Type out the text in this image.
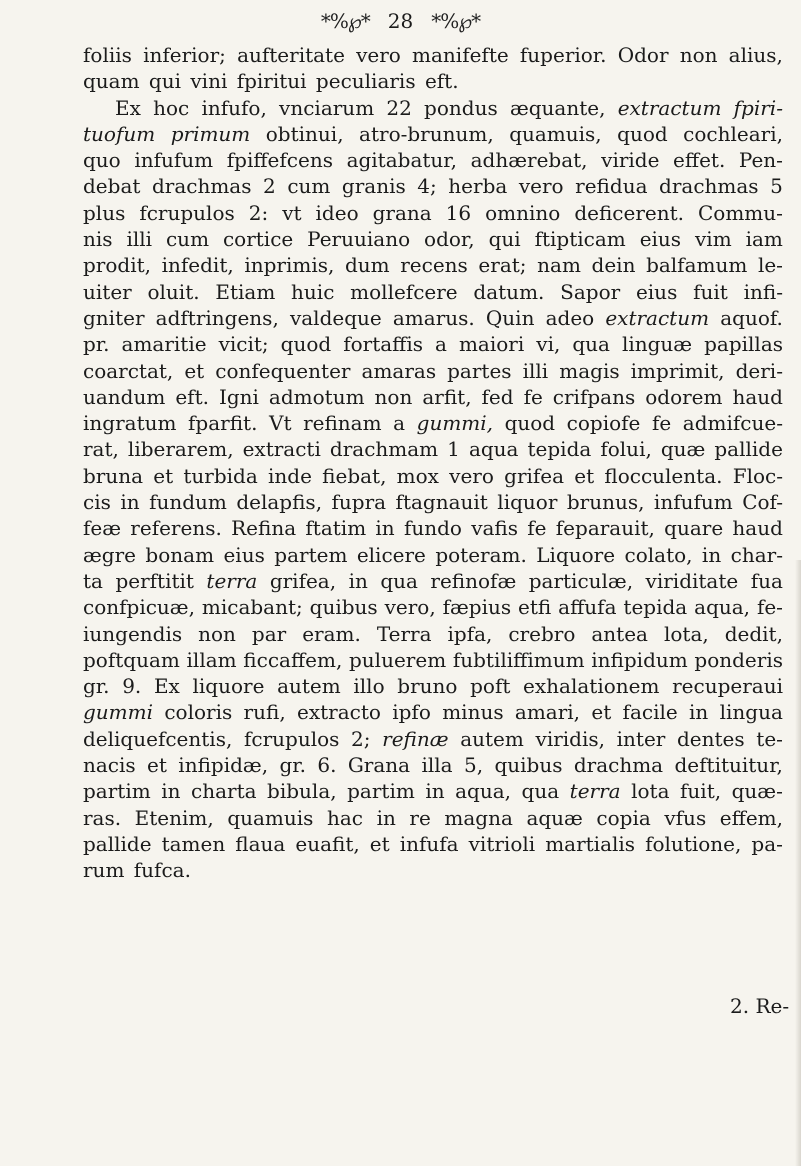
*%℘* 28 *%℘*
foliis inferior; aufteritate vero manifefte fuperior. Odor non alius,
quam qui vini fpiritui peculiaris eft.
Ex hoc infufo, vnciarum 22 pondus æquante, extractum fpiri-
tuofum primum obtinui, atro-brunum, quamuis, quod cochleari,
quo infufum fpiffefcens agitabatur, adhærebat, viride effet. Pen-
debat drachmas 2 cum granis 4; herba vero refidua drachmas 5
plus fcrupulos 2: vt ideo grana 16 omnino deficerent. Commu-
nis illi cum cortice Peruuiano odor, qui ftipticam eius vim iam
prodit, infedit, inprimis, dum recens erat; nam dein balfamum le-
uiter oluit. Etiam huic mollefcere datum. Sapor eius fuit infi-
gniter adftringens, valdeque amarus. Quin adeo extractum aquof.
pr. amaritie vicit; quod fortaffis a maiori vi, qua linguæ papillas
coarctat, et confequenter amaras partes illi magis imprimit, deri-
uandum eft. Igni admotum non arfit, fed fe crifpans odorem haud
ingratum fparfit. Vt refinam a gummi, quod copiofe fe admifcue-
rat, liberarem, extracti drachmam 1 aqua tepida folui, quæ pallide
bruna et turbida inde fiebat, mox vero grifea et flocculenta. Floc-
cis in fundum delapfis, fupra ftagnauit liquor brunus, infufum Cof-
feæ referens. Refina ftatim in fundo vafis fe feparauit, quare haud
ægre bonam eius partem elicere poteram. Liquore colato, in char-
ta perftitit terra grifea, in qua refinofæ particulæ, viriditate fua
confpicuæ, micabant; quibus vero, fæpius etfi affufa tepida aqua, fe-
iungendis non par eram. Terra ipfa, crebro antea lota, dedit,
poftquam illam ficcaffem, puluerem fubtiliffimum infipidum ponderis
gr. 9. Ex liquore autem illo bruno poft exhalationem recuperaui
gummi coloris rufi, extracto ipfo minus amari, et facile in lingua
deliquefcentis, fcrupulos 2; refinæ autem viridis, inter dentes te-
nacis et infipidæ, gr. 6. Grana illa 5, quibus drachma deftituitur,
partim in charta bibula, partim in aqua, qua terra lota fuit, quæ-
ras. Etenim, quamuis hac in re magna aquæ copia vfus effem,
pallide tamen flaua euafit, et infufa vitrioli martialis folutione, pa-
rum fufca.
2. Re-
